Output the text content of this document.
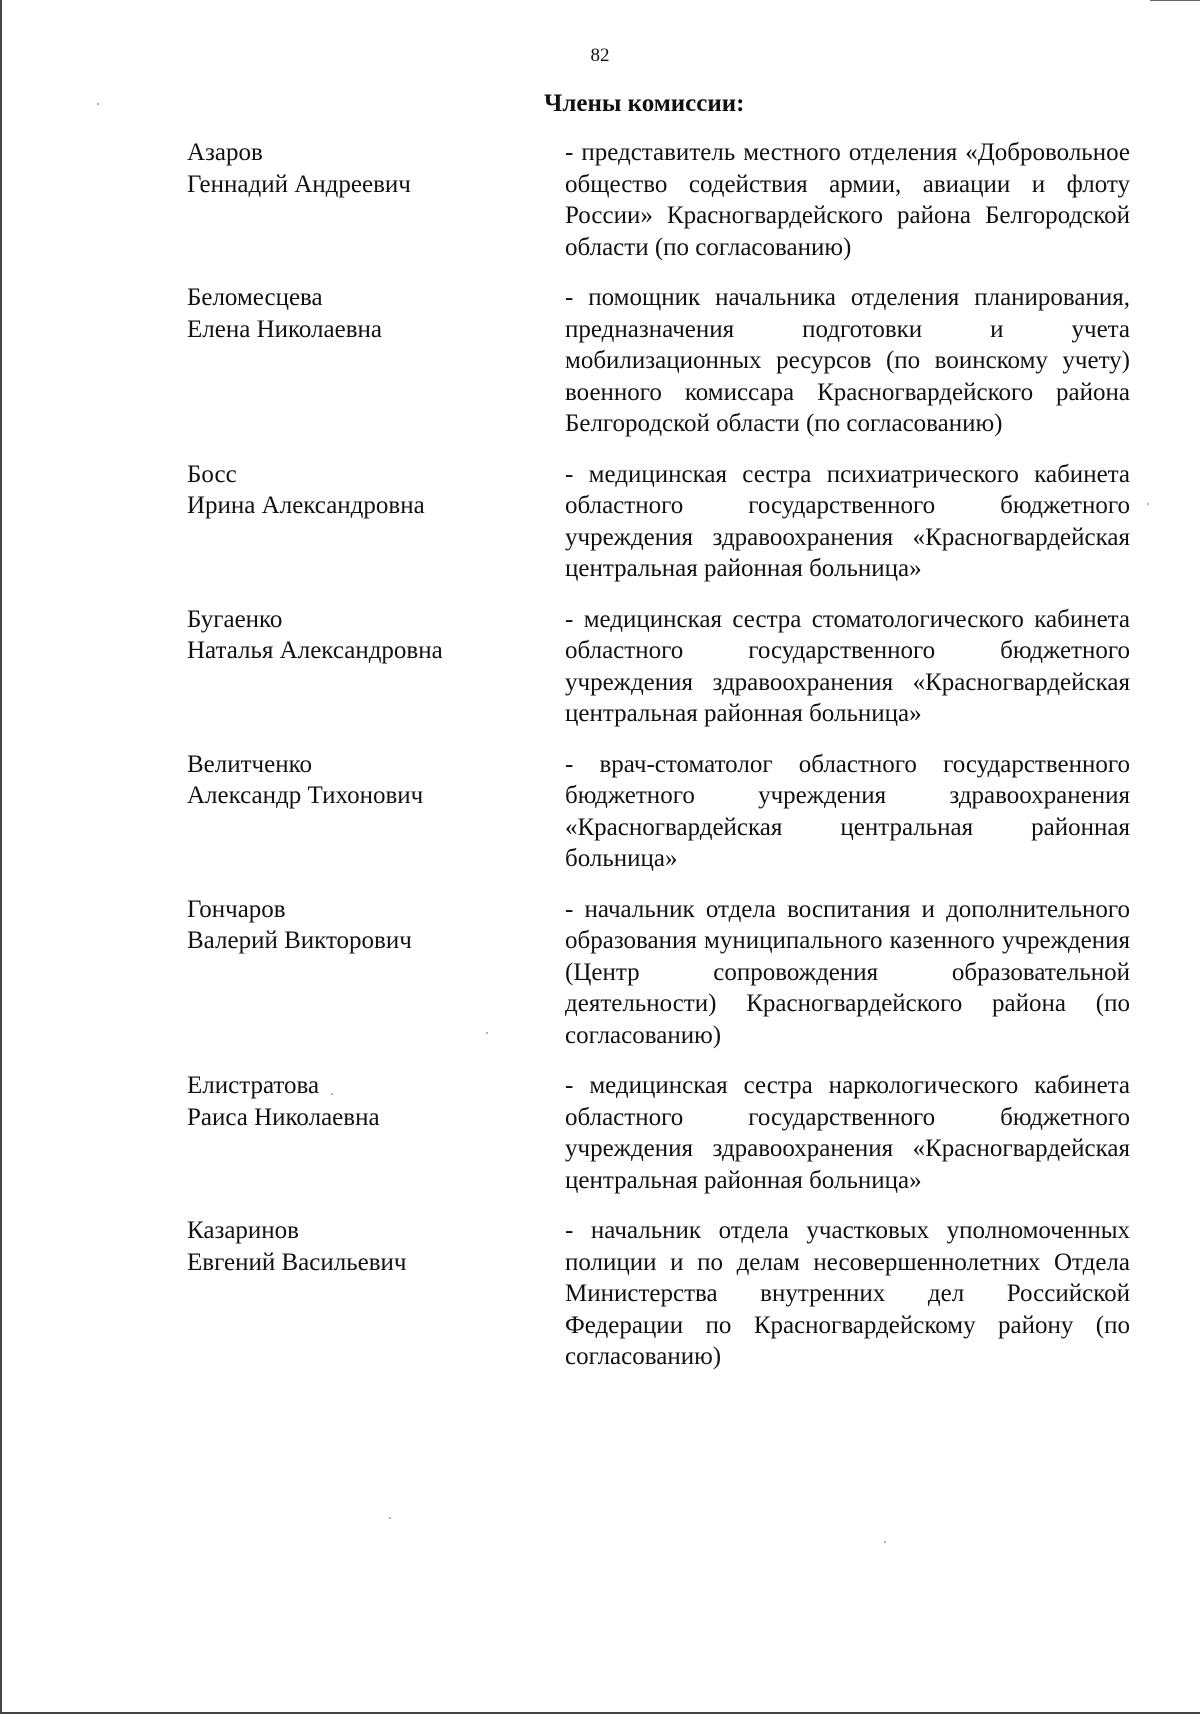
82
Члены комиссии:
Азаров
Геннадий Андреевич
- представитель местного отделения «Добровольное общество содействия армии, авиации и флоту России» Красногвардейского района Белгородской области (по согласованию)
Беломесцева
Елена Николаевна
- помощник начальника отделения планирования, предназначения подготовки и учета мобилизационных ресурсов (по воинскому учету) военного комиссара Красногвардейского района Белгородской области (по согласованию)
Босс
Ирина Александровна
- медицинская сестра психиатрического кабинета областного государственного бюджетного учреждения здравоохранения «Красногвардейская центральная районная больница»
Бугаенко
Наталья Александровна
- медицинская сестра стоматологического кабинета областного государственного бюджетного учреждения здравоохранения «Красногвардейская центральная районная больница»
Велитченко
Александр Тихонович
- врач-стоматолог областного государственного бюджетного учреждения здравоохранения «Красногвардейская центральная районная больница»
Гончаров
Валерий Викторович
- начальник отдела воспитания и дополнительного образования муниципального казенного учреждения (Центр сопровождения образовательной деятельности) Красногвардейского района (по согласованию)
Елистратова
Раиса Николаевна
- медицинская сестра наркологического кабинета областного государственного бюджетного учреждения здравоохранения «Красногвардейская центральная районная больница»
Казаринов
Евгений Васильевич
- начальник отдела участковых уполномоченных полиции и по делам несовершеннолетних Отдела Министерства внутренних дел Российской Федерации по Красногвардейскому району (по согласованию)
